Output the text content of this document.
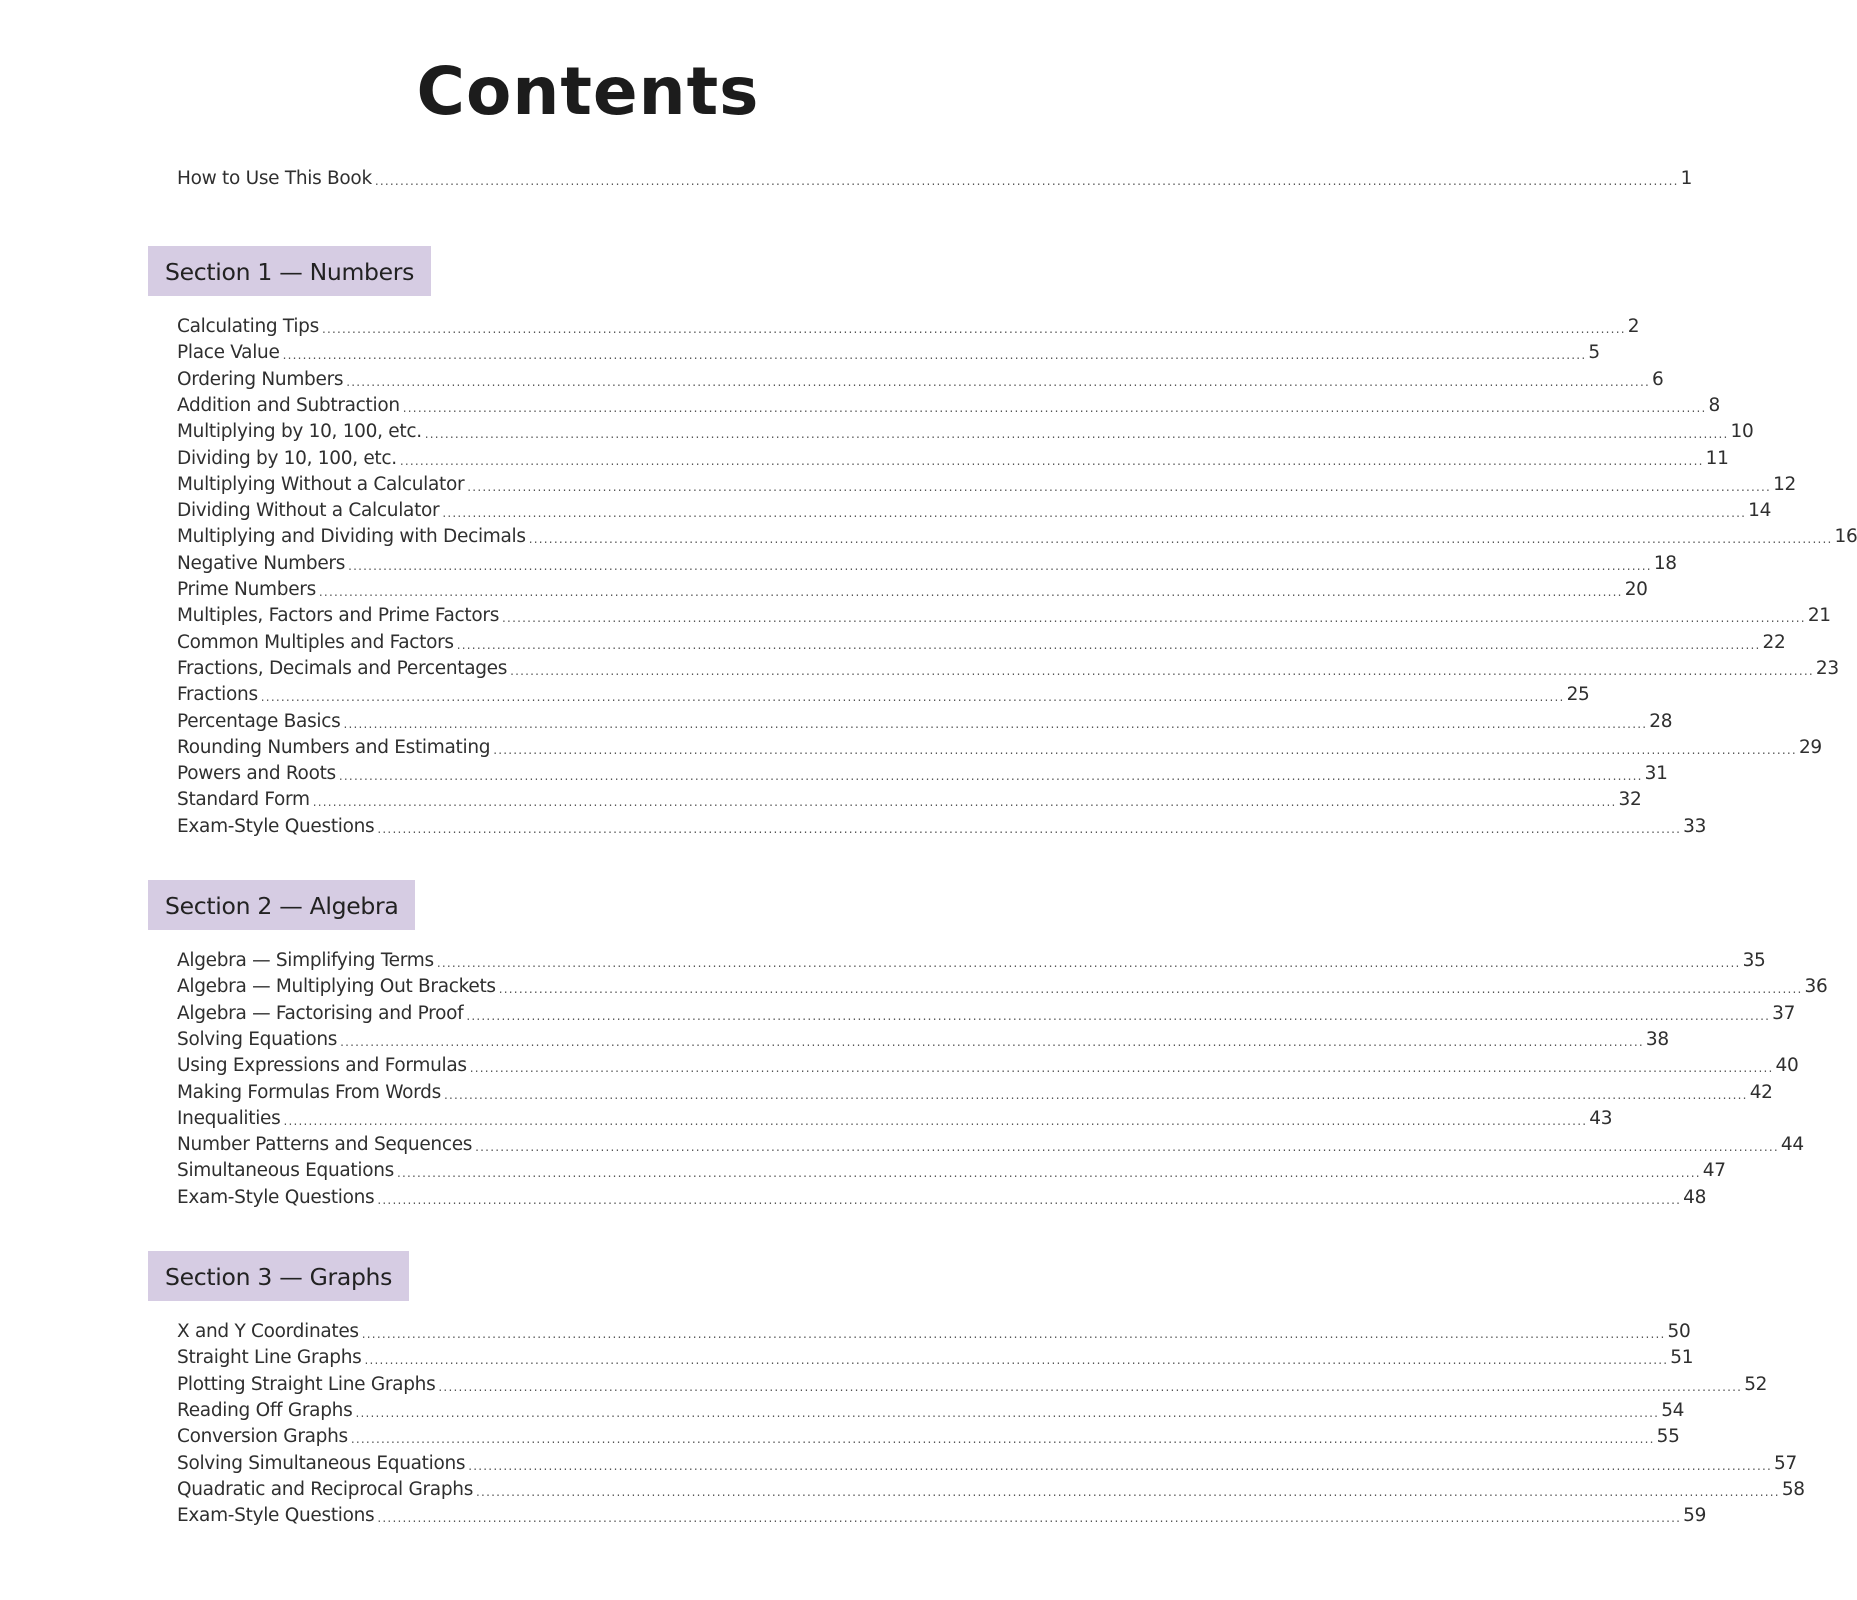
Contents
How to Use This Book .................................................................................................................................................................................................................................................................... 1
Section 1 — Numbers
Calculating Tips .................................................................................................................................................................................................................................................................... 2
Place Value .................................................................................................................................................................................................................................................................... 5
Ordering Numbers .................................................................................................................................................................................................................................................................... 6
Addition and Subtraction .................................................................................................................................................................................................................................................................... 8
Multiplying by 10, 100, etc. .................................................................................................................................................................................................................................................................... 10
Dividing by 10, 100, etc. .................................................................................................................................................................................................................................................................... 11
Multiplying Without a Calculator .................................................................................................................................................................................................................................................................... 12
Dividing Without a Calculator .................................................................................................................................................................................................................................................................... 14
Multiplying and Dividing with Decimals .................................................................................................................................................................................................................................................................... 16
Negative Numbers .................................................................................................................................................................................................................................................................... 18
Prime Numbers .................................................................................................................................................................................................................................................................... 20
Multiples, Factors and Prime Factors .................................................................................................................................................................................................................................................................... 21
Common Multiples and Factors .................................................................................................................................................................................................................................................................... 22
Fractions, Decimals and Percentages .................................................................................................................................................................................................................................................................... 23
Fractions .................................................................................................................................................................................................................................................................... 25
Percentage Basics .................................................................................................................................................................................................................................................................... 28
Rounding Numbers and Estimating .................................................................................................................................................................................................................................................................... 29
Powers and Roots .................................................................................................................................................................................................................................................................... 31
Standard Form .................................................................................................................................................................................................................................................................... 32
Exam-Style Questions .................................................................................................................................................................................................................................................................... 33
Section 2 — Algebra
Algebra — Simplifying Terms .................................................................................................................................................................................................................................................................... 35
Algebra — Multiplying Out Brackets .................................................................................................................................................................................................................................................................... 36
Algebra — Factorising and Proof .................................................................................................................................................................................................................................................................... 37
Solving Equations .................................................................................................................................................................................................................................................................... 38
Using Expressions and Formulas .................................................................................................................................................................................................................................................................... 40
Making Formulas From Words .................................................................................................................................................................................................................................................................... 42
Inequalities .................................................................................................................................................................................................................................................................... 43
Number Patterns and Sequences .................................................................................................................................................................................................................................................................... 44
Simultaneous Equations .................................................................................................................................................................................................................................................................... 47
Exam-Style Questions .................................................................................................................................................................................................................................................................... 48
Section 3 — Graphs
X and Y Coordinates .................................................................................................................................................................................................................................................................... 50
Straight Line Graphs .................................................................................................................................................................................................................................................................... 51
Plotting Straight Line Graphs .................................................................................................................................................................................................................................................................... 52
Reading Off Graphs .................................................................................................................................................................................................................................................................... 54
Conversion Graphs .................................................................................................................................................................................................................................................................... 55
Solving Simultaneous Equations .................................................................................................................................................................................................................................................................... 57
Quadratic and Reciprocal Graphs .................................................................................................................................................................................................................................................................... 58
Exam-Style Questions .................................................................................................................................................................................................................................................................... 59
